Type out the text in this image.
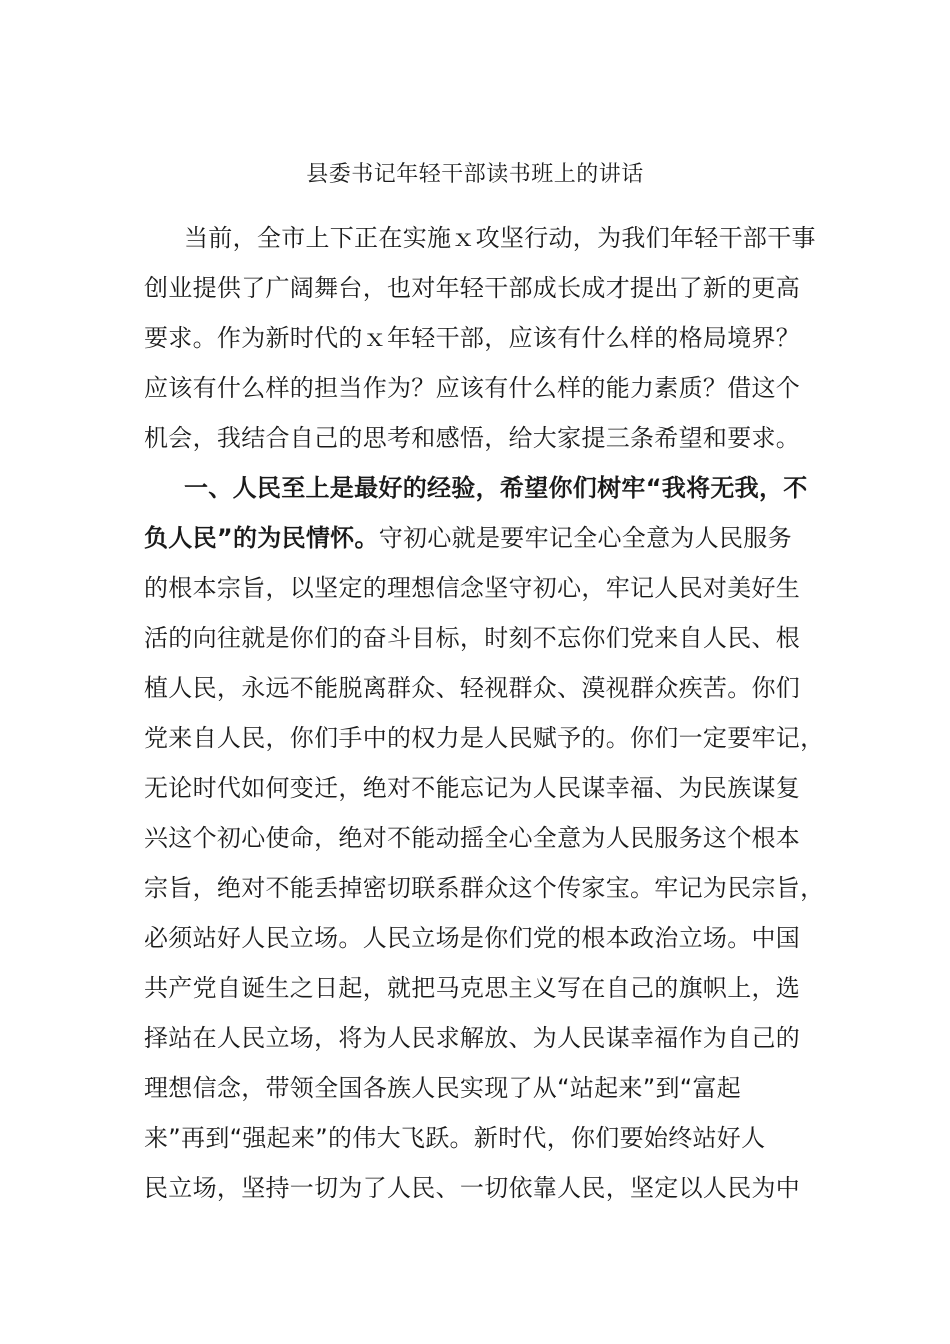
县委书记年轻干部读书班上的讲话
当前，全市上下正在实施ｘ攻坚行动，为我们年轻干部干事
创业提供了广阔舞台，也对年轻干部成长成才提出了新的更高
要求。作为新时代的ｘ年轻干部，应该有什么样的格局境界？
应该有什么样的担当作为？应该有什么样的能力素质？借这个
机会，我结合自己的思考和感悟，给大家提三条希望和要求。
一、人民至上是最好的经验，希望你们树牢“我将无我，不
负人民”的为民情怀。守初心就是要牢记全心全意为人民服务
的根本宗旨，以坚定的理想信念坚守初心，牢记人民对美好生
活的向往就是你们的奋斗目标，时刻不忘你们党来自人民、根
植人民，永远不能脱离群众、轻视群众、漠视群众疾苦。你们
党来自人民，你们手中的权力是人民赋予的。你们一定要牢记，
无论时代如何变迁，绝对不能忘记为人民谋幸福、为民族谋复
兴这个初心使命，绝对不能动摇全心全意为人民服务这个根本
宗旨，绝对不能丢掉密切联系群众这个传家宝。牢记为民宗旨，
必须站好人民立场。人民立场是你们党的根本政治立场。中国
共产党自诞生之日起，就把马克思主义写在自己的旗帜上，选
择站在人民立场，将为人民求解放、为人民谋幸福作为自己的
理想信念，带领全国各族人民实现了从“站起来”到“富起
来”再到“强起来”的伟大飞跃。新时代，你们要始终站好人
民立场，坚持一切为了人民、一切依靠人民，坚定以人民为中
